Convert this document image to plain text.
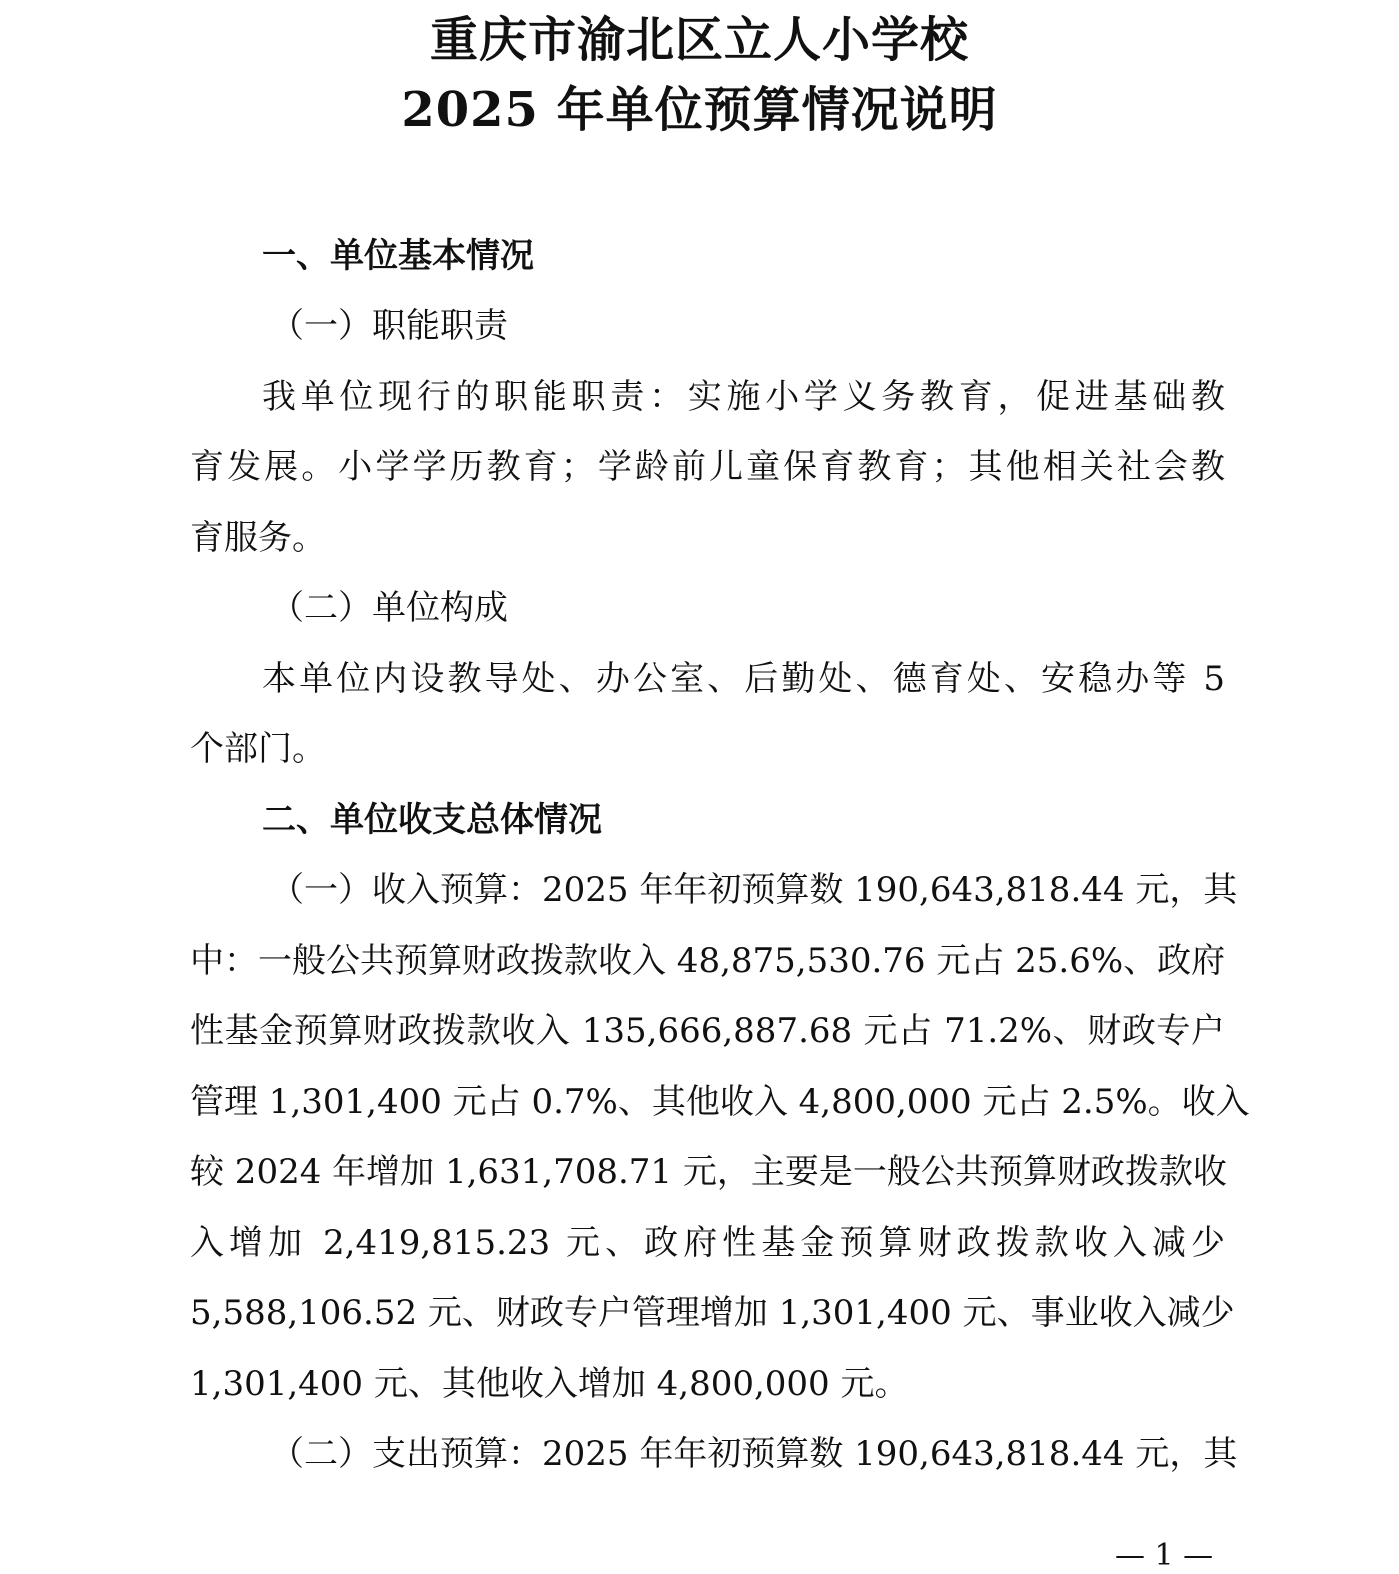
重庆市渝北区立人小学校
2025 年单位预算情况说明
一、单位基本情况
（一）职能职责
我单位现行的职能职责：实施小学义务教育，促进基础教
育发展。小学学历教育；学龄前儿童保育教育；其他相关社会教
育服务。
（二）单位构成
本单位内设教导处、办公室、后勤处、德育处、安稳办等 5
个部门。
二、单位收支总体情况
（一）收入预算：2025 年年初预算数 190,643,818.44 元，其
中：一般公共预算财政拨款收入 48,875,530.76 元占 25.6%、政府
性基金预算财政拨款收入 135,666,887.68 元占 71.2%、财政专户
管理 1,301,400 元占 0.7%、其他收入 4,800,000 元占 2.5%。收入
较 2024 年增加 1,631,708.71 元，主要是一般公共预算财政拨款收
入增加 2,419,815.23 元、政府性基金预算财政拨款收入减少
5,588,106.52 元、财政专户管理增加 1,301,400 元、事业收入减少
1,301,400 元、其他收入增加 4,800,000 元。
（二）支出预算：2025 年年初预算数 190,643,818.44 元，其
— 1 —
